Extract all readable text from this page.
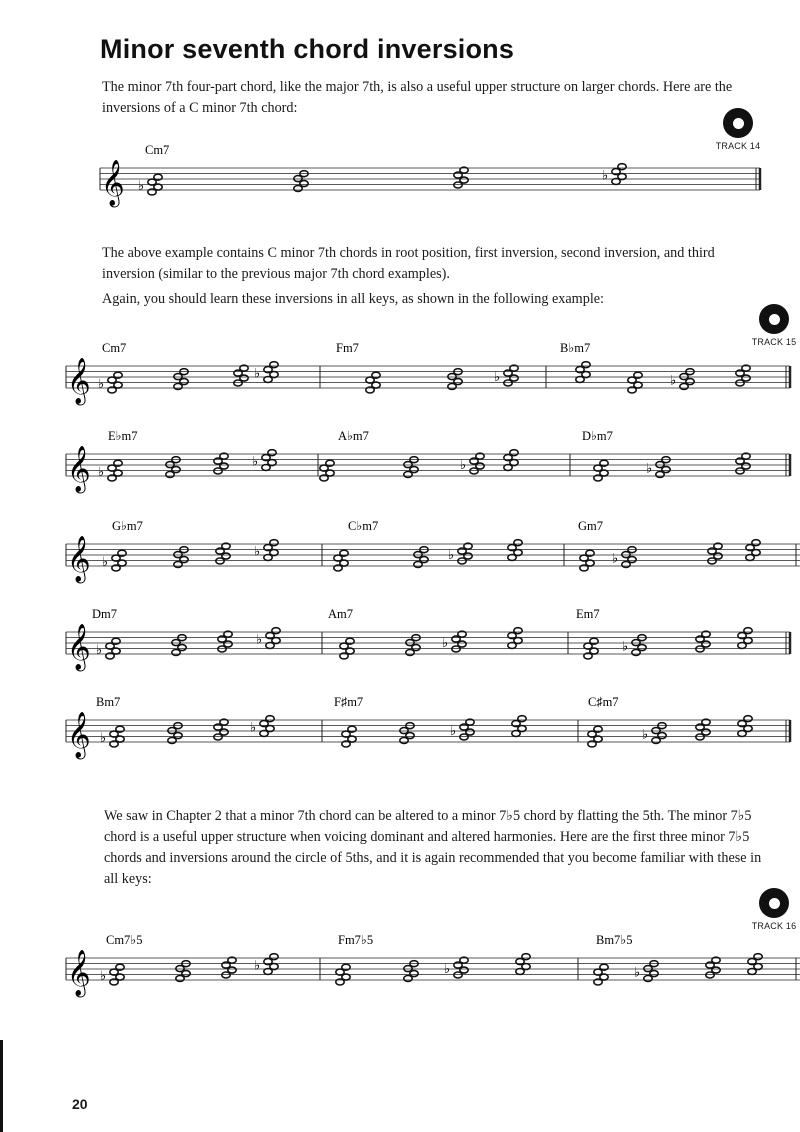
Minor seventh chord inversions

The minor 7th four-part chord, like the major 7th, is also a useful upper structure on larger chords. Here are the inversions of a C minor 7th chord:

TRACK 14
𝄞
Cm7
♭
♭

The above example contains C minor 7th chords in root position, first inversion, second inversion, and third inversion (similar to the previous major 7th chord examples).

Again, you should learn these inversions in all keys, as shown in the following example:

TRACK 15
𝄞
Cm7	Fm7	B♭m7
♭
♭	♭	♭
𝄞
E♭m7	A♭m7	D♭m7
♭
♭	♭	♭
𝄞
G♭m7	C♭m7	Gm7
♭
♭	♭	♭
𝄞
Dm7	Am7	Em7
♭
♭	♭	♭
𝄞
Bm7	F♯m7	C♯m7
♭
♭	♭	♭

We saw in Chapter 2 that a minor 7th chord can be altered to a minor 7♭5 chord by flatting the 5th. The minor 7♭5 chord is a useful upper structure when voicing dominant and altered harmonies. Here are the first three minor 7♭5 chords and inversions around the circle of 5ths, and it is again recommended that you become familiar with these in all keys:

TRACK 16
𝄞
Cm7♭5	Fm7♭5	Bm7♭5
♭
♭	♭	♭

20
